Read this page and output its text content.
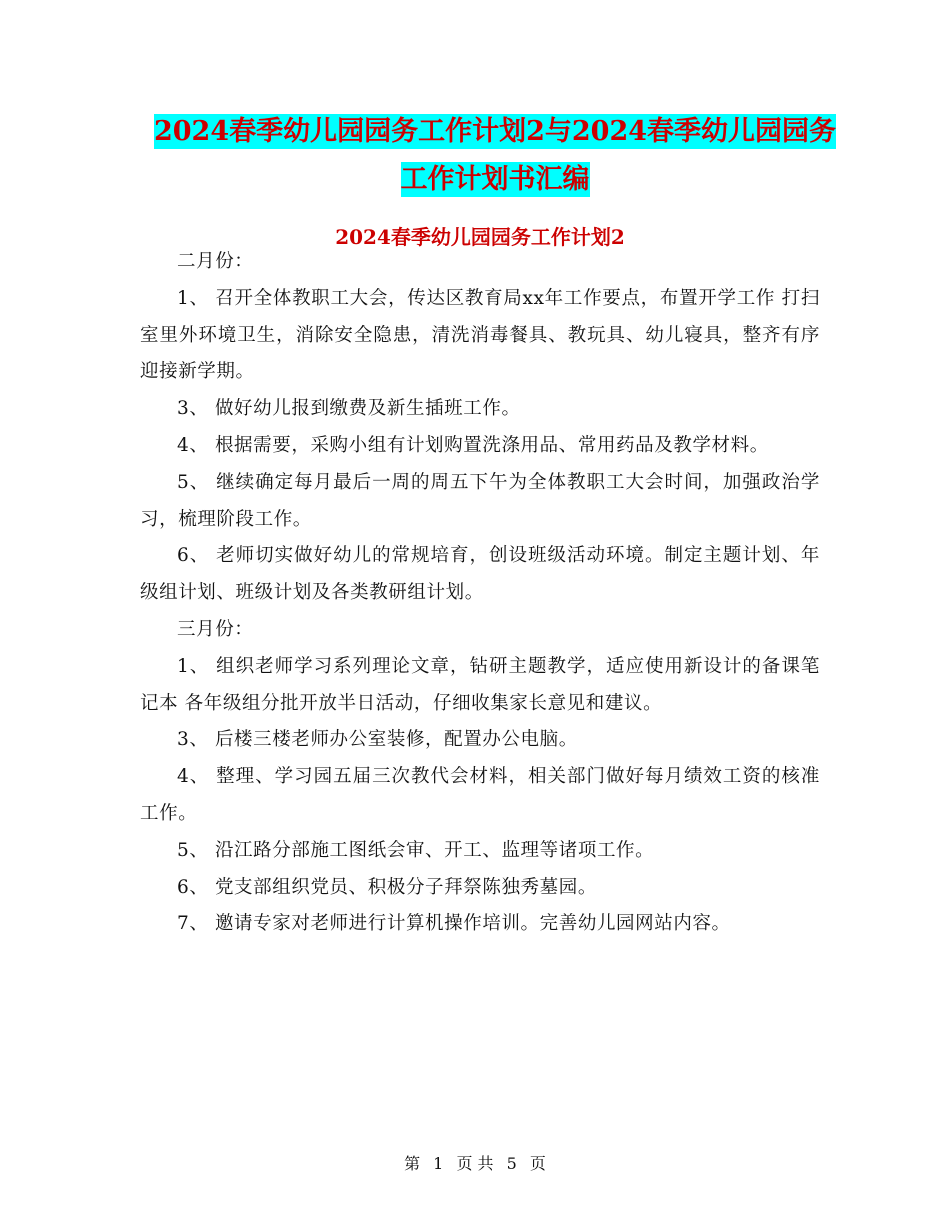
2024春季幼儿园园务工作计划2与2024春季幼儿园园务工作计划书汇编
2024春季幼儿园园务工作计划2

二月份：

1、 召开全体教职工大会，传达区教育局xx年工作要点，布置开学工作 打扫室里外环境卫生，消除安全隐患，清洗消毒餐具、教玩具、幼儿寝具，整齐有序迎接新学期。

3、 做好幼儿报到缴费及新生插班工作。

4、 根据需要，采购小组有计划购置洗涤用品、常用药品及教学材料。

5、 继续确定每月最后一周的周五下午为全体教职工大会时间，加强政治学习，梳理阶段工作。

6、 老师切实做好幼儿的常规培育，创设班级活动环境。制定主题计划、年级组计划、班级计划及各类教研组计划。

三月份：

1、 组织老师学习系列理论文章，钻研主题教学，适应使用新设计的备课笔记本 各年级组分批开放半日活动，仔细收集家长意见和建议。

3、 后楼三楼老师办公室装修，配置办公电脑。

4、 整理、学习园五届三次教代会材料，相关部门做好每月绩效工资的核准工作。

5、 沿江路分部施工图纸会审、开工、监理等诸项工作。

6、 党支部组织党员、积极分子拜祭陈独秀墓园。

7、 邀请专家对老师进行计算机操作培训。完善幼儿园网站内容。

第 1 页 共 5 页
